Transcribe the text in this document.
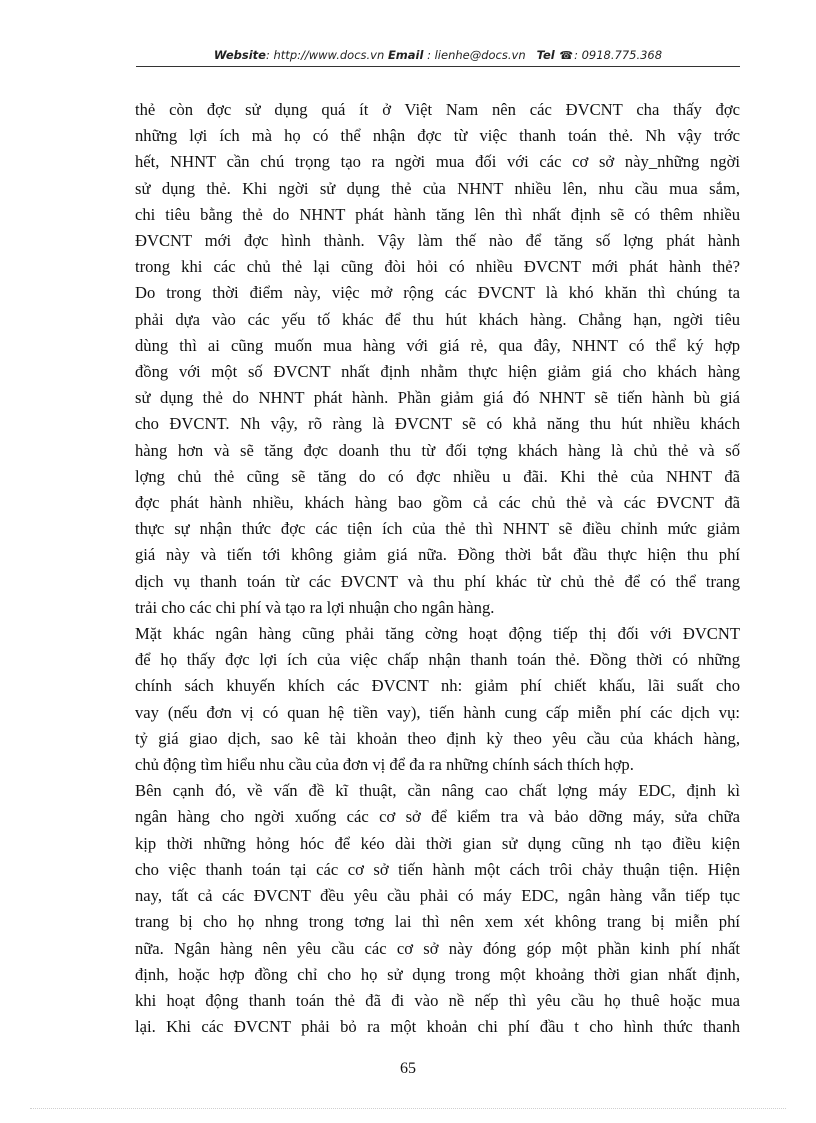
Website: http://www.docs.vn Email : lienhe@docs.vn Tel ☎: 0918.775.368

thẻ còn đợc sử dụng quá ít ở Việt Nam nên các ĐVCNT cha thấy đợc
những lợi ích mà họ có thể nhận đợc từ việc thanh toán thẻ. Nh vậy trớc
hết, NHNT cần chú trọng tạo ra ngời mua đối với các cơ sở này_những ngời
sử dụng thẻ. Khi ngời sử dụng thẻ của NHNT nhiều lên, nhu cầu mua sắm,
chi tiêu bằng thẻ do NHNT phát hành tăng lên thì nhất định sẽ có thêm nhiều
ĐVCNT mới đợc hình thành. Vậy làm thế nào để tăng số lợng phát hành
trong khi các chủ thẻ lại cũng đòi hỏi có nhiều ĐVCNT mới phát hành thẻ?
Do trong thời điểm này, việc mở rộng các ĐVCNT là khó khăn thì chúng ta
phải dựa vào các yếu tố khác để thu hút khách hàng. Chẳng hạn, ngời tiêu
dùng thì ai cũng muốn mua hàng với giá rẻ, qua đây, NHNT có thể ký hợp
đồng với một số ĐVCNT nhất định nhằm thực hiện giảm giá cho khách hàng
sử dụng thẻ do NHNT phát hành. Phần giảm giá đó NHNT sẽ tiến hành bù giá
cho ĐVCNT. Nh vậy, rõ ràng là ĐVCNT sẽ có khả năng thu hút nhiều khách
hàng hơn và sẽ tăng đợc doanh thu từ đối tợng khách hàng là chủ thẻ và số
lợng chủ thẻ cũng sẽ tăng do có đợc nhiều u đãi. Khi thẻ của NHNT đã
đợc phát hành nhiều, khách hàng bao gồm cả các chủ thẻ và các ĐVCNT đã
thực sự nhận thức đợc các tiện ích của thẻ thì NHNT sẽ điều chỉnh mức giảm
giá này và tiến tới không giảm giá nữa. Đồng thời bắt đầu thực hiện thu phí
dịch vụ thanh toán từ các ĐVCNT và thu phí khác từ chủ thẻ để có thể trang
trải cho các chi phí và tạo ra lợi nhuận cho ngân hàng.

Mặt khác ngân hàng cũng phải tăng cờng hoạt động tiếp thị đối với ĐVCNT
để họ thấy đợc lợi ích của việc chấp nhận thanh toán thẻ. Đồng thời có những
chính sách khuyến khích các ĐVCNT nh: giảm phí chiết khấu, lãi suất cho
vay (nếu đơn vị có quan hệ tiền vay), tiến hành cung cấp miễn phí các dịch vụ:
tỷ giá giao dịch, sao kê tài khoản theo định kỳ theo yêu cầu của khách hàng,
chủ động tìm hiểu nhu cầu của đơn vị để đa ra những chính sách thích hợp.

Bên cạnh đó, về vấn đề kĩ thuật, cần nâng cao chất lợng máy EDC, định kì
ngân hàng cho ngời xuống các cơ sở để kiểm tra và bảo dỡng máy, sửa chữa
kịp thời những hỏng hóc để kéo dài thời gian sử dụng cũng nh tạo điều kiện
cho việc thanh toán tại các cơ sở tiến hành một cách trôi chảy thuận tiện. Hiện
nay, tất cả các ĐVCNT đều yêu cầu phải có máy EDC, ngân hàng vẫn tiếp tục
trang bị cho họ nhng trong tơng lai thì nên xem xét không trang bị miễn phí
nữa. Ngân hàng nên yêu cầu các cơ sở này đóng góp một phần kinh phí nhất
định, hoặc hợp đồng chỉ cho họ sử dụng trong một khoảng thời gian nhất định,
khi hoạt động thanh toán thẻ đã đi vào nề nếp thì yêu cầu họ thuê hoặc mua
lại. Khi các ĐVCNT phải bỏ ra một khoản chi phí đầu t cho hình thức thanh

65
